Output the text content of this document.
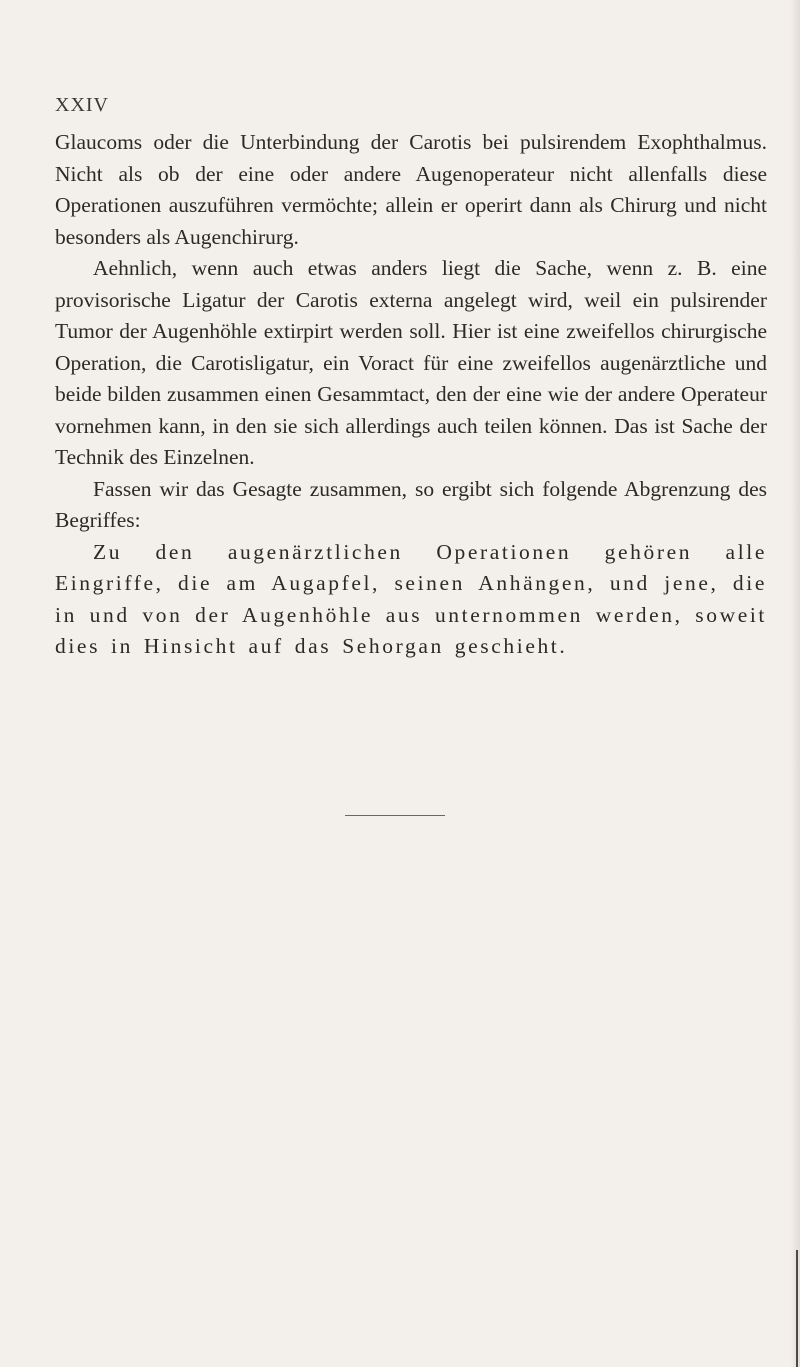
XXIV

Glaucoms oder die Unterbindung der Carotis bei pulsirendem Exophthalmus. Nicht als ob der eine oder andere Augenoperateur nicht allenfalls diese Operationen auszuführen vermöchte; allein er operirt dann als Chirurg und nicht besonders als Augenchirurg.

Aehnlich, wenn auch etwas anders liegt die Sache, wenn z. B. eine provisorische Ligatur der Carotis externa angelegt wird, weil ein pulsirender Tumor der Augenhöhle extirpirt werden soll. Hier ist eine zweifellos chirurgische Operation, die Carotisligatur, ein Voract für eine zweifellos augenärztliche und beide bilden zusammen einen Gesammtact, den der eine wie der andere Operateur vornehmen kann, in den sie sich allerdings auch teilen können. Das ist Sache der Technik des Einzelnen.

Fassen wir das Gesagte zusammen, so ergibt sich folgende Abgrenzung des Begriffes:

Zu den augenärztlichen Operationen gehören alle Eingriffe, die am Augapfel, seinen Anhängen, und jene, die in und von der Augenhöhle aus unternommen werden, soweit dies in Hinsicht auf das Sehorgan geschieht.
